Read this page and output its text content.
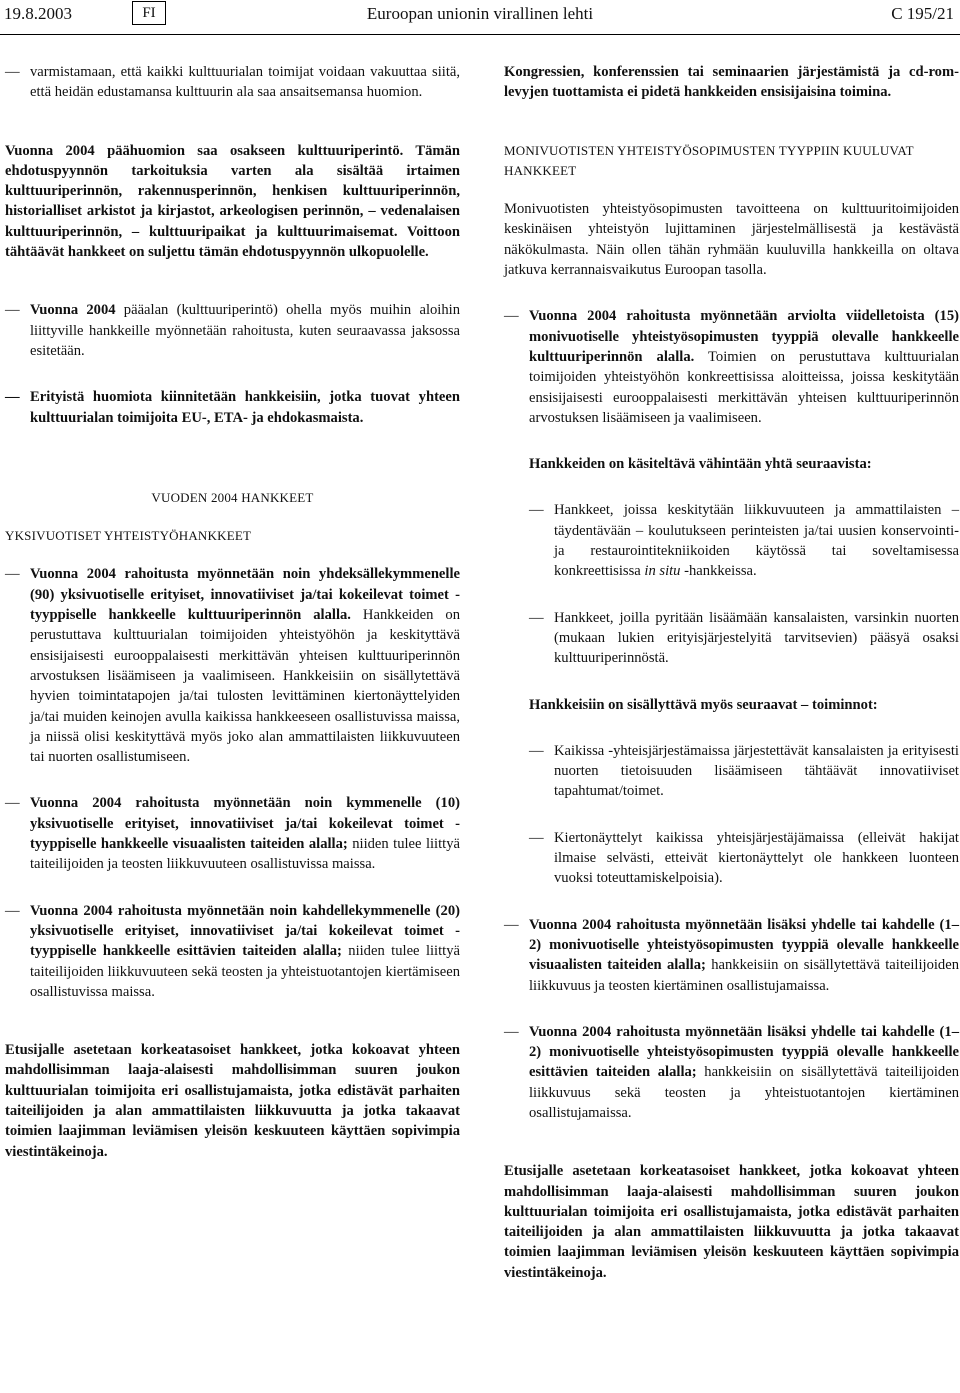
19.8.2003	FI	Euroopan unionin virallinen lehti	C 195/21
— varmistamaan, että kaikki kulttuurialan toimijat voidaan vakuuttaa siitä, että heidän edustamansa kulttuurin ala saa ansaitsemansa huomion.

Vuonna 2004 päähuomion saa osakseen kulttuuriperintö. Tämän ehdotuspyynnön tarkoituksia varten ala sisältää irtaimen kulttuuriperinnön, rakennusperinnön, henkisen kulttuuriperinnön, historialliset arkistot ja kirjastot, arkeologisen perinnön, – vedenalaisen kulttuuriperinnön, – kulttuuripaikat ja kulttuurimaisemat. Voittoon tähtäävät hankkeet on suljettu tämän ehdotuspyynnön ulkopuolelle.

— Vuonna 2004 pääalan (kulttuuriperintö) ohella myös muihin aloihin liittyville hankkeille myönnetään rahoitusta, kuten seuraavassa jaksossa esitetään.
— Erityistä huomiota kiinnitetään hankkeisiin, jotka tuovat yhteen kulttuurialan toimijoita EU-, ETA- ja ehdokasmaista.

VUODEN 2004 HANKKEET

YKSIVUOTISET YHTEISTYÖHANKKEET

— Vuonna 2004 rahoitusta myönnetään noin yhdeksällekymmenelle (90) yksivuotiselle erityiset, innovatiiviset ja/tai kokeilevat toimet -tyyppiselle hankkeelle kulttuuriperinnön alalla. Hankkeiden on perustuttava kulttuurialan toimijoiden yhteistyöhön ja keskityttävä ensisijaisesti eurooppalaisesti merkittävän yhteisen kulttuuriperinnön arvostuksen lisäämiseen ja vaalimiseen. Hankkeisiin on sisällytettävä hyvien toimintatapojen ja/tai tulosten levittäminen kiertonäyttelyiden ja/tai muiden keinojen avulla kaikissa hankkeeseen osallistuvissa maissa, ja niissä olisi keskityttävä myös joko alan ammattilaisten liikkuvuuteen tai nuorten osallistumiseen.
— Vuonna 2004 rahoitusta myönnetään noin kymmenelle (10) yksivuotiselle erityiset, innovatiiviset ja/tai kokeilevat toimet -tyyppiselle hankkeelle visuaalisten taiteiden alalla; niiden tulee liittyä taiteilijoiden ja teosten liikkuvuuteen osallistuvissa maissa.
— Vuonna 2004 rahoitusta myönnetään noin kahdellekymmenelle (20) yksivuotiselle erityiset, innovatiiviset ja/tai kokeilevat toimet -tyyppiselle hankkeelle esittävien taiteiden alalla; niiden tulee liittyä taiteilijoiden liikkuvuuteen sekä teosten ja yhteistuotantojen kiertämiseen osallistuvissa maissa.

Etusijalle asetetaan korkeatasoiset hankkeet, jotka kokoavat yhteen mahdollisimman laaja-alaisesti mahdollisimman suuren joukon kulttuurialan toimijoita eri osallistujamaista, jotka edistävät parhaiten taiteilijoiden ja alan ammattilaisten liikkuvuutta ja jotka takaavat toimien laajimman leviämisen yleisön keskuuteen käyttäen sopivimpia viestintäkeinoja.

Kongressien, konferenssien tai seminaarien järjestämistä ja cd-rom-levyjen tuottamista ei pidetä hankkeiden ensisijaisina toimina.

MONIVUOTISTEN YHTEISTYÖSOPIMUSTEN TYYPPIIN KUULUVAT HANKKEET

Monivuotisten yhteistyösopimusten tavoitteena on kulttuuritoimijoiden keskinäisen yhteistyön lujittaminen järjestelmällisestä ja kestävästä näkökulmasta. Näin ollen tähän ryhmään kuuluvilla hankkeilla on oltava jatkuva kerrannaisvaikutus Euroopan tasolla.

— Vuonna 2004 rahoitusta myönnetään arviolta viidelletoista (15) monivuotiselle yhteistyösopimusten tyyppiä olevalle hankkeelle kulttuuriperinnön alalla. Toimien on perustuttava kulttuurialan toimijoiden yhteistyöhön konkreettisissa aloitteissa, joissa keskitytään ensisijaisesti eurooppalaisesti merkittävän yhteisen kulttuuriperinnön arvostuksen lisäämiseen ja vaalimiseen.

Hankkeiden on käsiteltävä vähintään yhtä seuraavista:

— Hankkeet, joissa keskitytään liikkuvuuteen ja ammattilaisten – täydentävään – koulutukseen perinteisten ja/tai uusien konservointi- ja restaurointitekniikoiden käytössä tai soveltamisessa konkreettisissa in situ -hankkeissa.
— Hankkeet, joilla pyritään lisäämään kansalaisten, varsinkin nuorten (mukaan lukien erityisjärjestelyitä tarvitsevien) pääsyä osaksi kulttuuriperinnöstä.

Hankkeisiin on sisällyttävä myös seuraavat – toiminnot:

— Kaikissa -yhteisjärjestämaissa järjestettävät kansalaisten ja erityisesti nuorten tietoisuuden lisäämiseen tähtäävät innovatiiviset tapahtumat/toimet.
— Kiertonäyttelyt kaikissa yhteisjärjestäjämaissa (elleivät hakijat ilmaise selvästi, etteivät kiertonäyttelyt ole hankkeen luonteen vuoksi toteuttamiskelpoisia).
— Vuonna 2004 rahoitusta myönnetään lisäksi yhdelle tai kahdelle (1–2) monivuotiselle yhteistyösopimusten tyyppiä olevalle hankkeelle visuaalisten taiteiden alalla; hankkeisiin on sisällytettävä taiteilijoiden liikkuvuus ja teosten kiertäminen osallistujamaissa.
— Vuonna 2004 rahoitusta myönnetään lisäksi yhdelle tai kahdelle (1–2) monivuotiselle yhteistyösopimusten tyyppiä olevalle hankkeelle esittävien taiteiden alalla; hankkeisiin on sisällytettävä taiteilijoiden liikkuvuus sekä teosten ja yhteistuotantojen kiertäminen osallistujamaissa.

Etusijalle asetetaan korkeatasoiset hankkeet, jotka kokoavat yhteen mahdollisimman laaja-alaisesti mahdollisimman suuren joukon kulttuurialan toimijoita eri osallistujamaista, jotka edistävät parhaiten taiteilijoiden ja alan ammattilaisten liikkuvuutta ja jotka takaavat toimien laajimman leviämisen yleisön keskuuteen käyttäen sopivimpia viestintäkeinoja.
